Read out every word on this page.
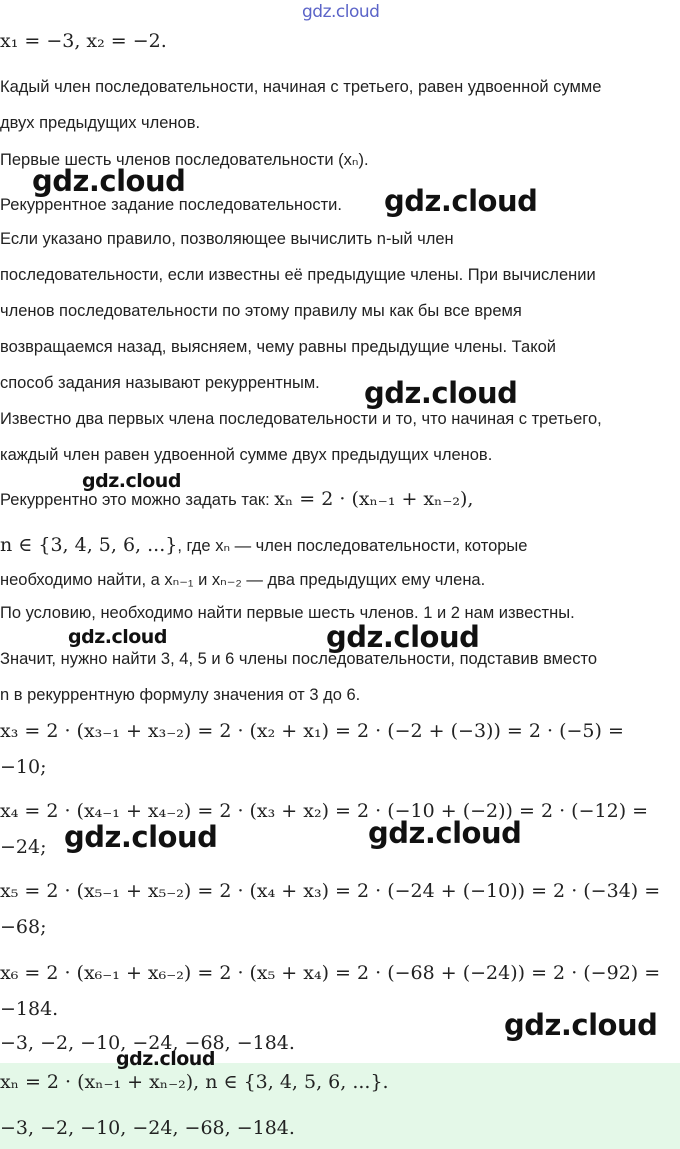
gdz.cloud
x₁ = −3, x₂ = −2.
Кадый член последовательности, начиная с третьего, равен удвоенной сумме
двух предыдущих членов.
Первые шесть членов последовательности (xₙ).
Рекуррентное задание последовательности.
Если указано правило, позволяющее вычислить n-ый член
последовательности, если известны её предыдущие члены. При вычислении
членов последовательности по этому правилу мы как бы все время
возвращаемся назад, выясняем, чему равны предыдущие члены. Такой
способ задания называют рекуррентным.
Известно два первых члена последовательности и то, что начиная с третьего,
каждый член равен удвоенной сумме двух предыдущих членов.
Рекуррентно это можно задать так: xₙ = 2 · (xₙ₋₁ + xₙ₋₂),
n ∈ {3, 4, 5, 6, ...}, где xₙ — член последовательности, которые
необходимо найти, а xₙ₋₁ и xₙ₋₂ — два предыдущих ему члена.
По условию, необходимо найти первые шесть членов. 1 и 2 нам известны.
Значит, нужно найти 3, 4, 5 и 6 члены последовательности, подставив вместо
n в рекуррентную формулу значения от 3 до 6.
x₃ = 2 · (x₃₋₁ + x₃₋₂) = 2 · (x₂ + x₁) = 2 · (−2 + (−3)) = 2 · (−5) =
−10;
x₄ = 2 · (x₄₋₁ + x₄₋₂) = 2 · (x₃ + x₂) = 2 · (−10 + (−2)) = 2 · (−12) =
−24;
x₅ = 2 · (x₅₋₁ + x₅₋₂) = 2 · (x₄ + x₃) = 2 · (−24 + (−10)) = 2 · (−34) =
−68;
x₆ = 2 · (x₆₋₁ + x₆₋₂) = 2 · (x₅ + x₄) = 2 · (−68 + (−24)) = 2 · (−92) =
−184.
−3, −2, −10, −24, −68, −184.
xₙ = 2 · (xₙ₋₁ + xₙ₋₂), n ∈ {3, 4, 5, 6, ...}.
−3, −2, −10, −24, −68, −184.
gdz.cloud
gdz.cloud
gdz.cloud
gdz.cloud
gdz.cloud	gdz.cloud
gdz.cloud	gdz.cloud
gdz.cloud
gdz.cloud
